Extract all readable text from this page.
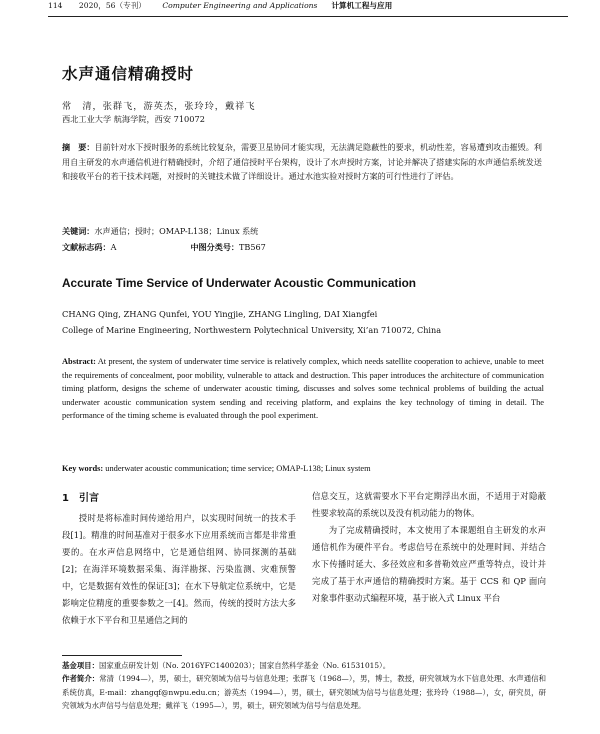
114 2020，56（专刊） Computer Engineering and Applications 计算机工程与应用
水声通信精确授时
常　清，张群飞，游英杰，张玲玲，戴祥飞
西北工业大学 航海学院，西安 710072
摘　要：目前针对水下授时服务的系统比较复杂，需要卫星协同才能实现，无法满足隐蔽性的要求，机动性差，容易遭到攻击摧毁。利用自主研发的水声通信机进行精确授时，介绍了通信授时平台架构，设计了水声授时方案，讨论并解决了搭建实际的水声通信系统发送和接收平台的若干技术问题，对授时的关键技术做了详细设计。通过水池实验对授时方案的可行性进行了评估。
关键词：水声通信；授时；OMAP-L138；Linux 系统
文献标志码：A	中图分类号：TB567
Accurate Time Service of Underwater Acoustic Communication
CHANG Qing, ZHANG Qunfei, YOU Yingjie, ZHANG Lingling, DAI Xiangfei
College of Marine Engineering, Northwestern Polytechnical University, Xi’an 710072, China
Abstract: At present, the system of underwater time service is relatively complex, which needs satellite cooperation to achieve, unable to meet the requirements of concealment, poor mobility, vulnerable to attack and destruction. This paper introduces the architecture of communication timing platform, designs the scheme of underwater acoustic timing, discusses and solves some technical problems of building the actual underwater acoustic communication system sending and receiving platform, and explains the key technology of timing in detail. The performance of the timing scheme is evaluated through the pool experiment.
Key words: underwater acoustic communication; time service; OMAP-L138; Linux system
1　引言

授时是将标准时间传递给用户，以实现时间统一的技术手段[1]。精准的时间基准对于很多水下应用系统而言都是非常重要的。在水声信息网络中，它是通信组网、协同探测的基础[2]；在海洋环境数据采集、海洋勘探、污染监测、灾难预警中，它是数据有效性的保证[3]；在水下导航定位系统中，它是影响定位精度的重要参数之一[4]。然而，传统的授时方法大多依赖于水下平台和卫星通信之间的

信息交互，这就需要水下平台定期浮出水面，不适用于对隐蔽性要求较高的系统以及没有机动能力的物体。

为了完成精确授时，本文使用了本课题组自主研发的水声通信机作为硬件平台。考虑信号在系统中的处理时间、并结合水下传播时延大、多径效应和多普勒效应严重等特点，设计并完成了基于水声通信的精确授时方案。基于 CCS 和 QP 面向对象事件驱动式编程环境，基于嵌入式 Linux 平台

基金项目：国家重点研发计划（No. 2016YFC1400203）；国家自然科学基金（No. 61531015）。
作者简介：常清（1994—），男，硕士，研究领域为信号与信息处理；张群飞（1968—），男，博士，教授，研究领域为水下信息处理、水声通信和系统仿真，E-mail：zhangqf@nwpu.edu.cn；游英杰（1994—），男，硕士，研究领域为信号与信息处理；张玲玲（1988—），女，研究员，研究领域为水声信号与信息处理；戴祥飞（1995—），男，硕士，研究领域为信号与信息处理。
